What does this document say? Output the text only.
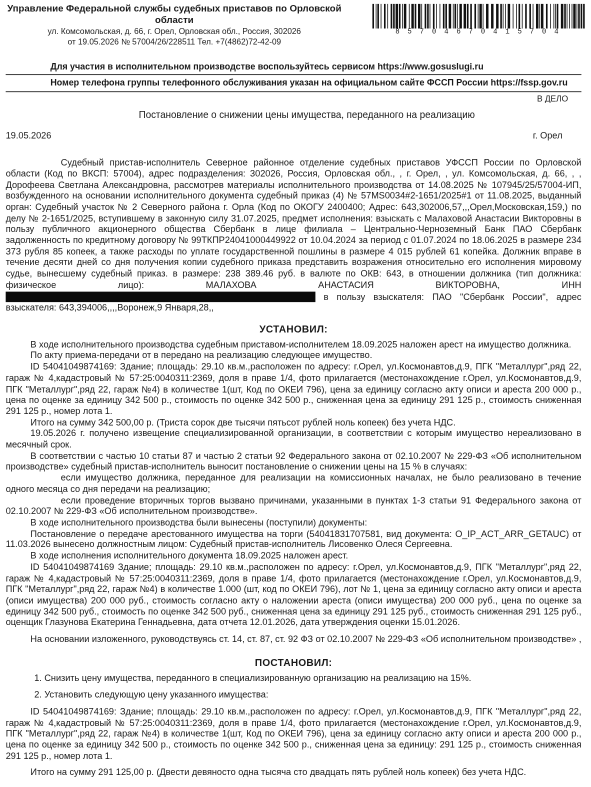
Управление Федеральной службы судебных приставов по Орловской области
ул. Комсомольская, д. 66, г. Орел, Орловская обл., Россия, 302026
от 19.05.2026 № 57004/26/228511 Тел. +7(4862)72-42-09
8 5 7 0 4 6 7 0 4 1 5 7 0 4
Для участия в исполнительном производстве воспользуйтесь сервисом https://www.gosuslugi.ru
Номер телефона группы телефонного обслуживания указан на официальном сайте ФССП России https://fssp.gov.ru
В ДЕЛО
Постановление о снижении цены имущества, переданного на реализацию
19.05.2026	г. Орел

Судебный пристав-исполнитель Северное районное отделение судебных приставов УФССП России по Орловской области (Код по ВКСП: 57004), адрес подразделения: 302026, Россия, Орловская обл., , г. Орел, , ул. Комсомольская, д. 66, , , Дорофеева Светлана Александровна, рассмотрев материалы исполнительного производства от 14.08.2025 № 107945/25/57004-ИП, возбужденного на основании исполнительного документа судебный приказ (4) № 57MS0034#2-1651/2025#1 от 11.08.2025, выданный орган: Судебный участок № 2 Северного района г. Орла (Код по ОКОГУ 2400400; Адрес: 643,302006,57,,,Орел,Московская,159,) по делу № 2-1651/2025, вступившему в законную силу 31.07.2025, предмет исполнения: взыскать с Малаховой Анастасии Викторовны в пользу публичного акционерного общества Сбербанк в лице филиала – Центрально-Черноземный Банк ПАО Сбербанк задолженность по кредитному договору № 99ТКПР24041000449922 от 10.04.2024 за период с 01.07.2024 по 18.06.2025 в размере 234 373 рубля 85 копеек, а также расходы по уплате государственной пошлины в размере 4 015 рублей 61 копейка. Должник вправе в течение десяти дней со дня получения копии судебного приказа представить возражения относительно его исполнения мировому судье, вынесшему судебный приказ. в размере: 238 389.46 руб. в валюте по ОКВ: 643, в отношении должника (тип должника: физическое лицо): МАЛАХОВА АНАСТАСИЯ ВИКТОРОВНА, ИНН  в пользу взыскателя: ПАО "Сбербанк России", адрес взыскателя: 643,394006,,,,Воронеж,9 Января,28,,

УСТАНОВИЛ:

В ходе исполнительного производства судебным приставом-исполнителем 18.09.2025 наложен арест на имущество должника.

По акту приема-передачи от в передано на реализацию следующее имущество.

ID 54041049874169: Здание; площадь: 29.10 кв.м.,расположен по адресу: г.Орел, ул.Космонавтов,д.9, ПГК "Металлург",ряд 22, гараж № 4,кадастровый № 57:25:0040311:2369, доля в праве 1/4, фото прилагается (местонахождение г.Орел, ул.Космонавтов,д.9, ПГК "Металлург",ряд 22, гараж №4) в количестве 1(шт, Код по ОКЕИ 796), цена за единицу согласно акту описи и ареста 200 000 р., цена по оценке за единицу 342 500 р., стоимость по оценке 342 500 р., сниженная цена за единицу 291 125 р., стоимость сниженная 291 125 р., номер лота 1.

Итого на сумму 342 500,00 р. (Триста сорок две тысячи пятьсот рублей ноль копеек) без учета НДС.

19.05.2026 г. получено извещение специализированной организации, в соответствии с которым имущество нереализовано в месячный срок.

В соответствии с частью 10 статьи 87 и частью 2 статьи 92 Федерального закона от 02.10.2007 № 229-ФЗ «Об исполнительном производстве» судебный пристав-исполнитель выносит постановление о снижении цены на 15 % в случаях:

если имущество должника, переданное для реализации на комиссионных началах, не было реализовано в течение одного месяца со дня передачи на реализацию;

если проведение вторичных торгов вызвано причинами, указанными в пунктах 1-3 статьи 91 Федерального закона от 02.10.2007 № 229-ФЗ «Об исполнительном производстве».

В ходе исполнительного производства были вынесены (поступили) документы:

Постановление о передаче арестованного имущества на торги (54041831707581, вид документа: O_IP_ACT_ARR_GETAUC) от 11.03.2026 вынесено должностным лицом: Судебный пристав-исполнитель Лисовенко Олеся Сергеевна.

В ходе исполнения исполнительного документа 18.09.2025 наложен арест.

ID 54041049874169 Здание; площадь: 29.10 кв.м.,расположен по адресу: г.Орел, ул.Космонавтов,д.9, ПГК "Металлург",ряд 22, гараж № 4,кадастровый № 57:25:0040311:2369, доля в праве 1/4, фото прилагается (местонахождение г.Орел, ул.Космонавтов,д.9, ПГК "Металлург",ряд 22, гараж №4) в количестве 1.000 (шт, код по ОКЕИ 796), лот № 1, цена за единицу согласно акту описи и ареста (описи имущества) 200 000 руб., стоимость согласно акту о наложении ареста (описи имущества) 200 000 руб., цена по оценке за единицу 342 500 руб., стоимость по оценке 342 500 руб., сниженная цена за единицу 291 125 руб., стоимость сниженная 291 125 руб., оценщик Глазунова Екатерина Геннадьевна, дата отчета 12.01.2026, дата утверждения оценки 15.01.2026.

На основании изложенного, руководствуясь ст. 14, ст. 87, ст. 92 ФЗ от 02.10.2007 № 229-ФЗ «Об исполнительном производстве» ,

ПОСТАНОВИЛ:

1. Снизить цену имущества, переданного в специализированную организацию на реализацию на 15%.

2. Установить следующую цену указанного имущества:

ID 54041049874169: Здание; площадь: 29.10 кв.м.,расположен по адресу: г.Орел, ул.Космонавтов,д.9, ПГК "Металлург",ряд 22, гараж № 4,кадастровый № 57:25:0040311:2369, доля в праве 1/4, фото прилагается (местонахождение г.Орел, ул.Космонавтов,д.9, ПГК "Металлург",ряд 22, гараж №4) в количестве 1(шт, Код по ОКЕИ 796), цена за единицу согласно акту описи и ареста 200 000 р., цена по оценке за единицу 342 500 р., стоимость по оценке 342 500 р., сниженная цена за единицу: 291 125 р., стоимость сниженная 291 125 р., номер лота 1.

Итого на сумму 291 125,00 р. (Двести девяносто одна тысяча сто двадцать пять рублей ноль копеек) без учета НДС.
